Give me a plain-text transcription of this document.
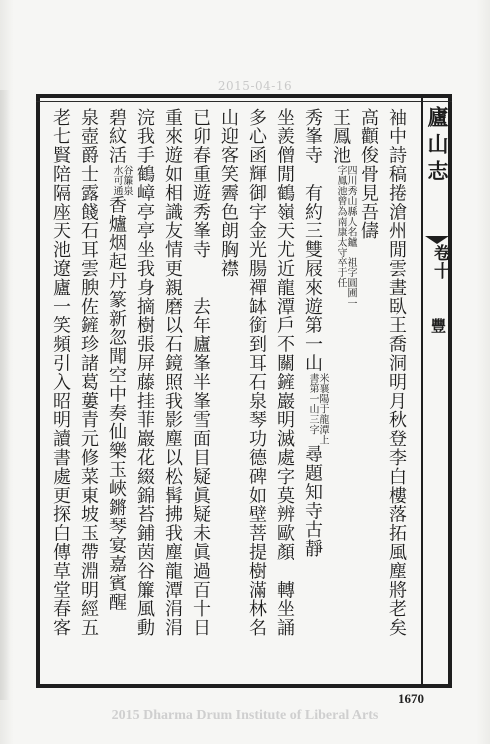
2015-04-16
廬山志
卷十
豐
袖中詩稿捲滄州閒雲晝臥王喬洞明月秋登李白樓落拓風塵將老矣
高顴俊骨見吾儔
王鳳池
四川秀山縣人名鑪
字鳳池曾為南康太守
祖字圓圃一
卒于任
秀峯寺　有約三雙屐來遊第一山
米襄陽于龍潭上
書第一山三字
尋題知寺古靜
坐羨僧閒鶴嶺天尤近龍潭戶不關鏟巖明滅處字莫辨歐顏　轉坐誦
多心函輝御宇金光腸禪缽銜到耳石泉琴功德碑如壁菩提樹滿林名
山迎客笑霽色朗胸襟
已卯春重遊秀峯寺　　去年廬峯半峯雪面目疑眞疑未眞過百十日
重來遊如相識友情更親磨以石鏡照我影塵以松髯拂我塵龍潭涓涓
浣我手鶴嶂亭亭坐我身摘樹張屏藤挂菲巖花綴錦苔鋪茵谷簾風動
碧紋活
谷簾泉
水可通
香爐烟起丹篆新忽聞空中奏仙樂玉峽鏘琴宴嘉賓醒
泉壺爵士露餞石耳雲腴佐鏟珍諸葛蔞青元修菜東坡玉帶淵明經五
老七賢陪隔座天池遼廬一笑頻引入昭明讀書處更探白傳草堂春客
1670
2015 Dharma Drum Institute of Liberal Arts
